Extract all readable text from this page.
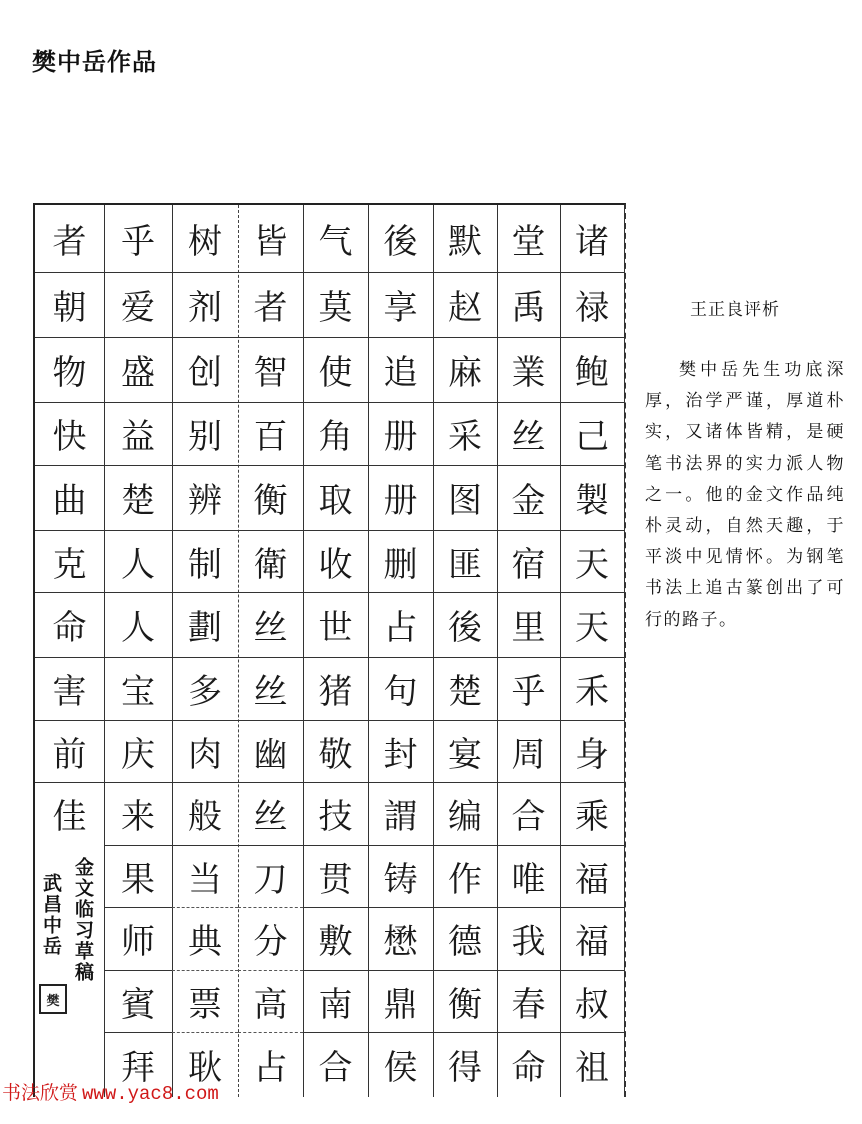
樊中岳作品
者
朝
物
快
曲
克
命
害
前
佳
金文临习草稿
武昌中岳
樊
乎
爱
盛
益
楚
人
人
宝
庆
来
果
师
賓
拜
树
剂
创
别
辨
制
劃
多
肉
般
当
典
票
耿
皆
者
智
百
衡
衛
丝
丝
幽
丝
刀
分
高
占
气
莫
使
角
取
收
世
猪
敬
技
贯
敷
南
合
後
享
追
册
册
删
占
句
封
謂
铸
懋
鼎
侯
默
赵
麻
采
图
匪
後
楚
宴
编
作
德
衡
得
堂
禹
業
丝
金
宿
里
乎
周
合
唯
我
春
命
诸
禄
鲍
己
製
天
天
禾
身
乘
福
福
叔
祖
王正良评析
樊中岳先生功底深厚，治学严谨，厚道朴实，又诸体皆精，是硬笔书法界的实力派人物之一。他的金文作品纯朴灵动，自然天趣，于平淡中见情怀。为钢笔书法上追古篆创出了可行的路子。
书法欣赏 www.yac8.com
